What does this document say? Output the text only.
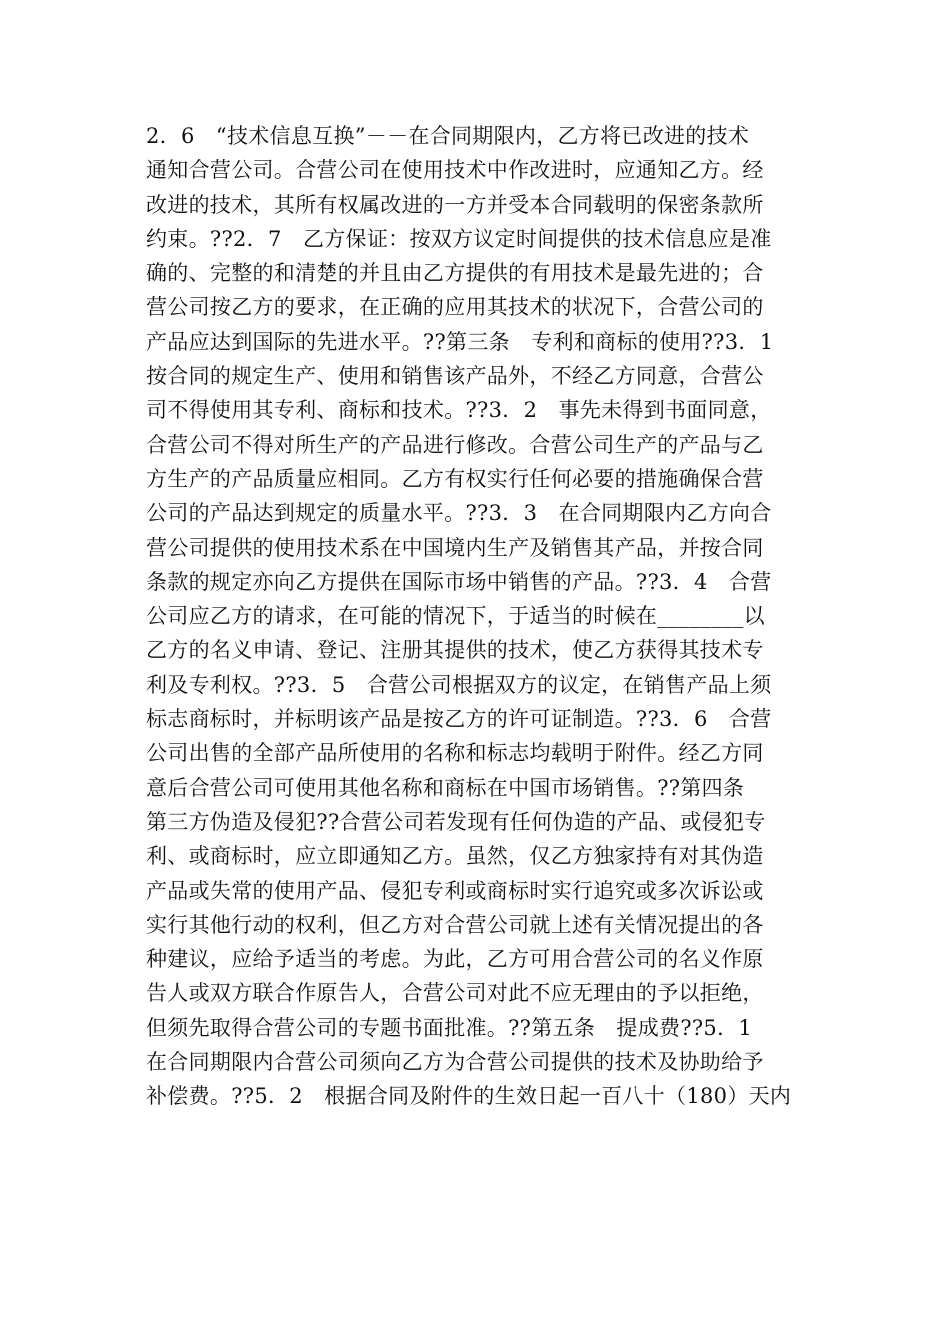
2．6　“技术信息互换”－－在合同期限内，乙方将已改进的技术
通知合营公司。合营公司在使用技术中作改进时，应通知乙方。经
改进的技术，其所有权属改进的一方并受本合同载明的保密条款所
约束。??2．7　乙方保证：按双方议定时间提供的技术信息应是准
确的、完整的和清楚的并且由乙方提供的有用技术是最先进的；合
营公司按乙方的要求，在正确的应用其技术的状况下，合营公司的
产品应达到国际的先进水平。??第三条　专利和商标的使用??3．1
按合同的规定生产、使用和销售该产品外，不经乙方同意，合营公
司不得使用其专利、商标和技术。??3．2　事先未得到书面同意，
合营公司不得对所生产的产品进行修改。合营公司生产的产品与乙
方生产的产品质量应相同。乙方有权实行任何必要的措施确保合营
公司的产品达到规定的质量水平。??3．3　在合同期限内乙方向合
营公司提供的使用技术系在中国境内生产及销售其产品，并按合同
条款的规定亦向乙方提供在国际市场中销售的产品。??3．4　合营
公司应乙方的请求，在可能的情况下，于适当的时候在________以
乙方的名义申请、登记、注册其提供的技术，使乙方获得其技术专
利及专利权。??3．5　合营公司根据双方的议定，在销售产品上须
标志商标时，并标明该产品是按乙方的许可证制造。??3．6　合营
公司出售的全部产品所使用的名称和标志均载明于附件。经乙方同
意后合营公司可使用其他名称和商标在中国市场销售。??第四条
第三方伪造及侵犯??合营公司若发现有任何伪造的产品、或侵犯专
利、或商标时，应立即通知乙方。虽然，仅乙方独家持有对其伪造
产品或失常的使用产品、侵犯专利或商标时实行追究或多次诉讼或
实行其他行动的权利，但乙方对合营公司就上述有关情况提出的各
种建议，应给予适当的考虑。为此，乙方可用合营公司的名义作原
告人或双方联合作原告人，合营公司对此不应无理由的予以拒绝，
但须先取得合营公司的专题书面批准。??第五条　提成费??5．1
在合同期限内合营公司须向乙方为合营公司提供的技术及协助给予
补偿费。??5．2　根据合同及附件的生效日起一百八十（180）天内
